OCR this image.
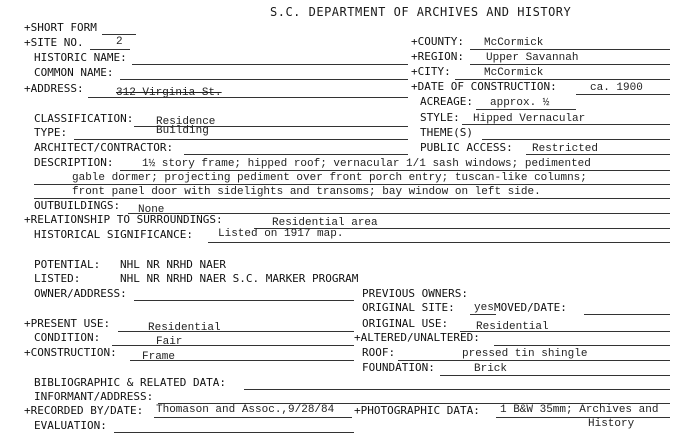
S.C. DEPARTMENT OF ARCHIVES AND HISTORY
+SHORT FORM
+SITE NO.	2
HISTORIC NAME:
COMMON NAME:
+ADDRESS:	312 Virginia St.
+COUNTY: McCormick
+REGION: Upper Savannah
+CITY:	McCormick
+DATE OF CONSTRUCTION:	ca. 1900
ACREAGE: approx. ½
CLASSIFICATION: Residence
TYPE:	Building
ARCHITECT/CONTRACTOR:
STYLE: Hipped Vernacular
THEME(S)
PUBLIC ACCESS: Restricted
DESCRIPTION:	1½ story frame; hipped roof; vernacular 1/1 sash windows; pedimented
gable dormer; projecting pediment over front porch entry; tuscan-like columns;
front panel door with sidelights and transoms; bay window on left side.
OUTBUILDINGS: None
+RELATIONSHIP TO SURROUNDINGS:	Residential area
HISTORICAL SIGNIFICANCE: Listed on 1917 map.
POTENTIAL: NHL NR NRHD NAER
LISTED:	NHL NR NRHD NAER S.C. MARKER PROGRAM
OWNER/ADDRESS:	PREVIOUS OWNERS:
ORIGINAL SITE: yes MOVED/DATE:
+PRESENT USE:	Residential	ORIGINAL USE:	Residential
CONDITION:	Fair	+ALTERED/UNALTERED:
+CONSTRUCTION: Frame	ROOF:	pressed tin shingle
FOUNDATION:	Brick
BIBLIOGRAPHIC & RELATED DATA:
INFORMANT/ADDRESS:
+RECORDED BY/DATE: Thomason and Assoc.,9/28/84 +PHOTOGRAPHIC DATA: 1 B&W 35mm; Archives and
History
EVALUATION:
